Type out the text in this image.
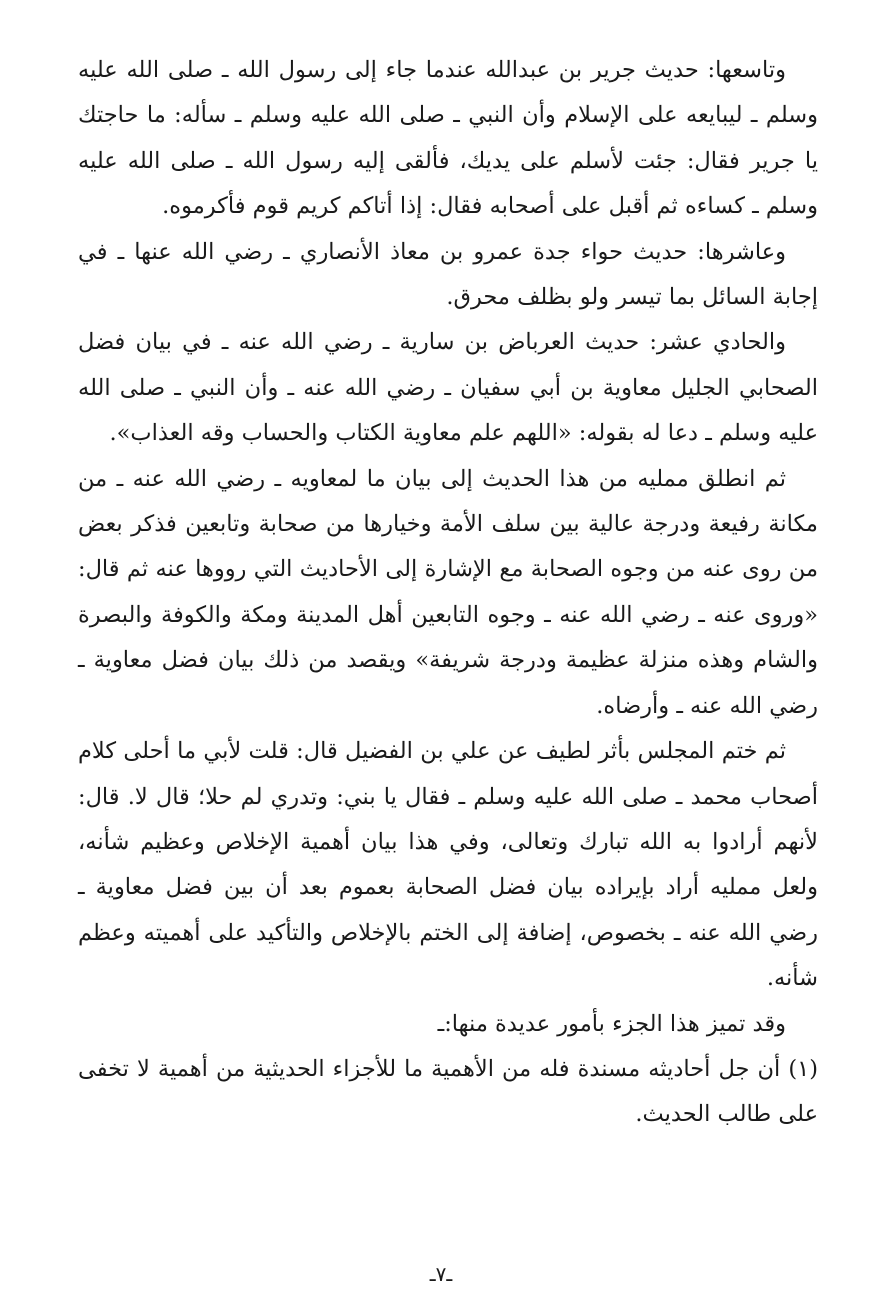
وتاسعها: حديث جرير بن عبدالله عندما جاء إلى رسول الله ـ صلى الله عليه وسلم ـ ليبايعه على الإسلام وأن النبي ـ صلى الله عليه وسلم ـ سأله: ما حاجتك يا جرير فقال: جئت لأسلم على يديك، فألقى إليه رسول الله ـ صلى الله عليه وسلم ـ كساءه ثم أقبل على أصحابه فقال: إذا أتاكم كريم قوم فأكرموه.

وعاشرها: حديث حواء جدة عمرو بن معاذ الأنصاري ـ رضي الله عنها ـ في إجابة السائل بما تيسر ولو بظلف محرق.

والحادي عشر: حديث العرباض بن سارية ـ رضي الله عنه ـ في بيان فضل الصحابي الجليل معاوية بن أبي سفيان ـ رضي الله عنه ـ وأن النبي ـ صلى الله عليه وسلم ـ دعا له بقوله: «اللهم علم معاوية الكتاب والحساب وقه العذاب».

ثم انطلق ممليه من هذا الحديث إلى بيان ما لمعاويه ـ رضي الله عنه ـ من مكانة رفيعة ودرجة عالية بين سلف الأمة وخيارها من صحابة وتابعين فذكر بعض من روى عنه من وجوه الصحابة مع الإشارة إلى الأحاديث التي رووها عنه ثم قال: «وروى عنه ـ رضي الله عنه ـ وجوه التابعين أهل المدينة ومكة والكوفة والبصرة والشام وهذه منزلة عظيمة ودرجة شريفة» ويقصد من ذلك بيان فضل معاوية ـ رضي الله عنه ـ وأرضاه.

ثم ختم المجلس بأثر لطيف عن علي بن الفضيل قال: قلت لأبي ما أحلى كلام أصحاب محمد ـ صلى الله عليه وسلم ـ فقال يا بني: وتدري لم حلا؛ قال لا. قال: لأنهم أرادوا به الله تبارك وتعالى، وفي هذا بيان أهمية الإخلاص وعظيم شأنه، ولعل ممليه أراد بإيراده بيان فضل الصحابة بعموم بعد أن بين فضل معاوية ـ رضي الله عنه ـ بخصوص، إضافة إلى الختم بالإخلاص والتأكيد على أهميته وعظم شأنه.

وقد تميز هذا الجزء بأمور عديدة منها:ـ

(١) أن جل أحاديثه مسندة فله من الأهمية ما للأجزاء الحديثية من أهمية لا تخفى على طالب الحديث.

ـ٧ـ
